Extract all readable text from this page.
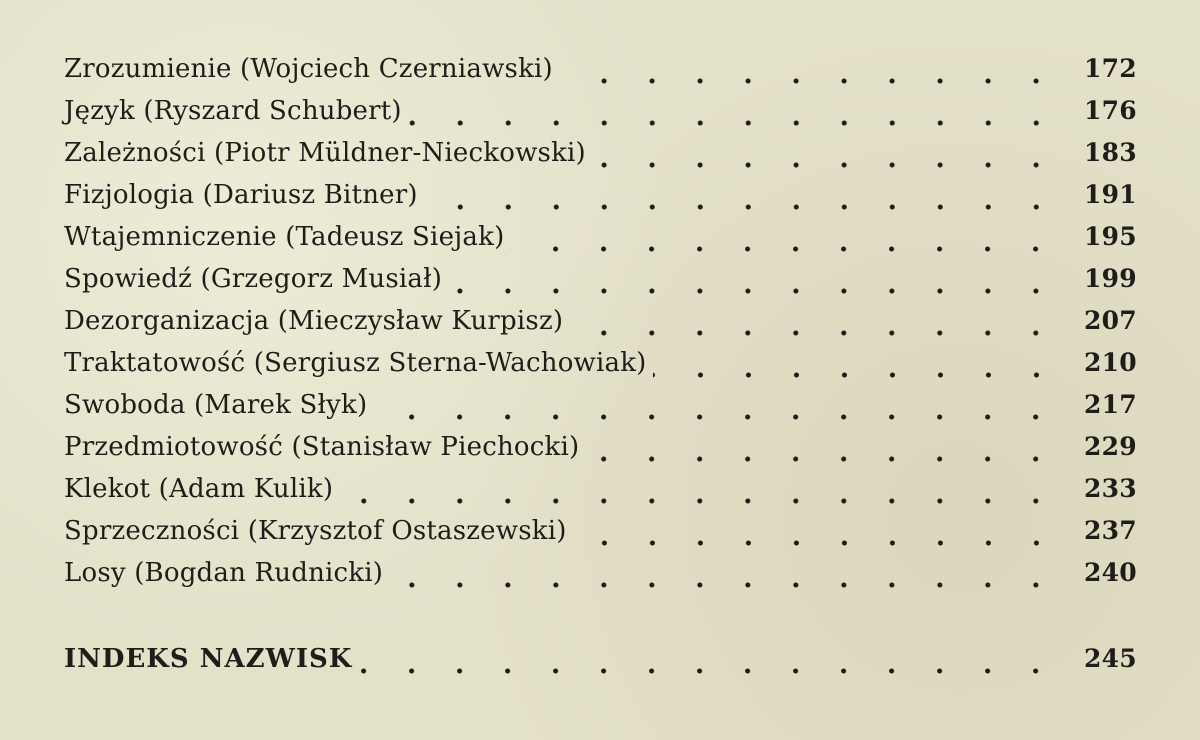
Zrozumienie (Wojciech Czerniawski)	172
Język (Ryszard Schubert)	176
Zależności (Piotr Müldner-Nieckowski)	183
Fizjologia (Dariusz Bitner)	191
Wtajemniczenie (Tadeusz Siejak)	195
Spowiedź (Grzegorz Musiał)	199
Dezorganizacja (Mieczysław Kurpisz)	207
Traktatowość (Sergiusz Sterna-Wachowiak)	210
Swoboda (Marek Słyk)	217
Przedmiotowość (Stanisław Piechocki)	229
Klekot (Adam Kulik)	233
Sprzeczności (Krzysztof Ostaszewski)	237
Losy (Bogdan Rudnicki)	240
INDEKS NAZWISK	245
